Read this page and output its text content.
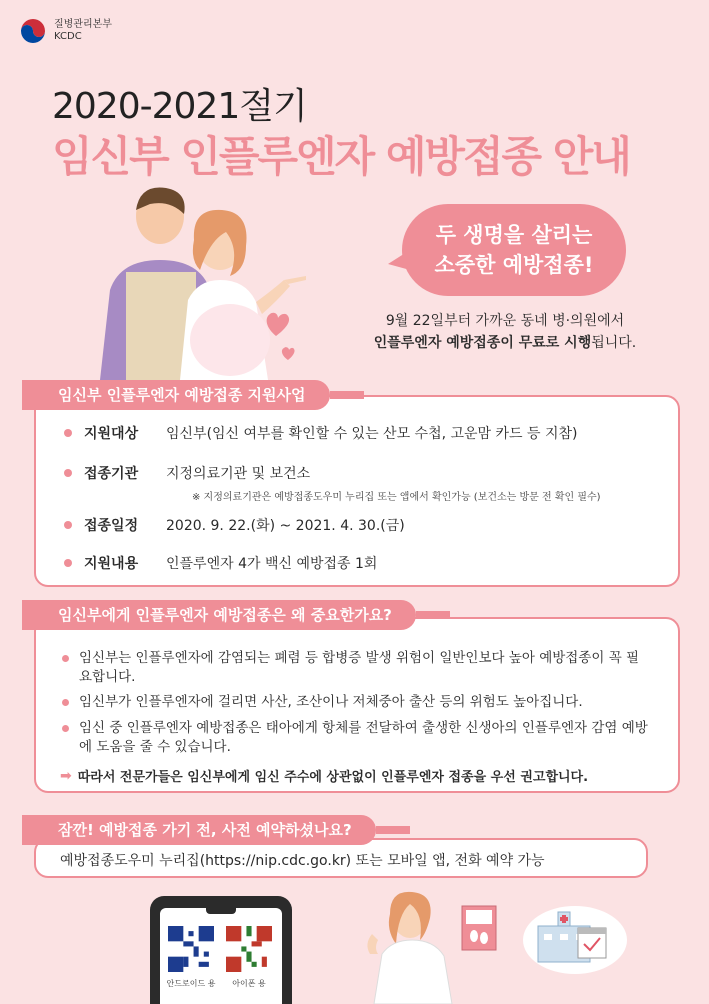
질병관리본부
KCDC
2020-2021절기
임신부 인플루엔자 예방접종 안내
두 생명을 살리는
소중한 예방접종!
9월 22일부터 가까운 동네 병·의원에서
인플루엔자 예방접종이 무료로 시행됩니다.
지원대상	임신부(임신 여부를 확인할 수 있는 산모 수첩, 고운맘 카드 등 지참)
접종기관	지정의료기관 및 보건소
※ 지정의료기관은 예방접종도우미 누리집 또는 앱에서 확인가능 (보건소는 방문 전 확인 필수)
접종일정	2020. 9. 22.(화) ~ 2021. 4. 30.(금)
지원내용	인플루엔자 4가 백신 예방접종 1회
임신부 인플루엔자 예방접종 지원사업
임신부는 인플루엔자에 감염되는 폐렴 등 합병증 발생 위험이 일반인보다 높아 예방접종이 꼭 필요합니다.
임신부가 인플루엔자에 걸리면 사산, 조산이나 저체중아 출산 등의 위험도 높아집니다.
임신 중 인플루엔자 예방접종은 태아에게 항체를 전달하여 출생한 신생아의 인플루엔자 감염 예방에 도움을 줄 수 있습니다.
➡ 따라서 전문가들은 임신부에게 임신 주수에 상관없이 인플루엔자 접종을 우선 권고합니다.
임신부에게 인플루엔자 예방접종은 왜 중요한가요?
예방접종도우미 누리집(https://nip.cdc.go.kr) 또는 모바일 앱, 전화 예약 가능
잠깐! 예방접종 가기 전, 사전 예약하셨나요?
안드로이드 용	아이폰 용
